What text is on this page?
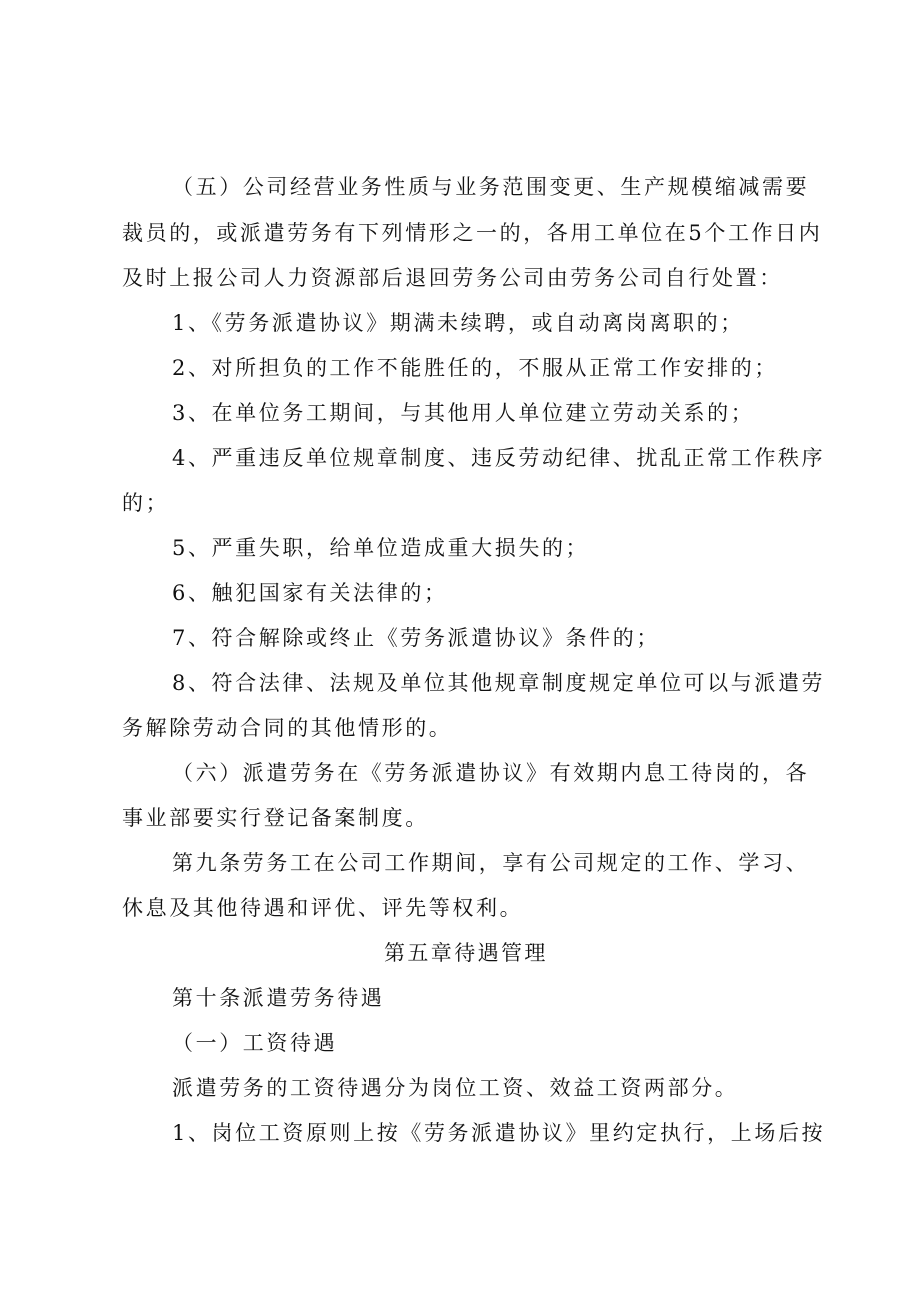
（五）公司经营业务性质与业务范围变更、生产规模缩减需要
裁员的，或派遣劳务有下列情形之一的，各用工单位在5个工作日内
及时上报公司人力资源部后退回劳务公司由劳务公司自行处置：
1、《劳务派遣协议》期满未续聘，或自动离岗离职的；
2、对所担负的工作不能胜任的，不服从正常工作安排的；
3、在单位务工期间，与其他用人单位建立劳动关系的；
4、严重违反单位规章制度、违反劳动纪律、扰乱正常工作秩序
的；
5、严重失职，给单位造成重大损失的；
6、触犯国家有关法律的；
7、符合解除或终止《劳务派遣协议》条件的；
8、符合法律、法规及单位其他规章制度规定单位可以与派遣劳
务解除劳动合同的其他情形的。
（六）派遣劳务在《劳务派遣协议》有效期内息工待岗的，各
事业部要实行登记备案制度。
第九条劳务工在公司工作期间，享有公司规定的工作、学习、
休息及其他待遇和评优、评先等权利。
第五章待遇管理
第十条派遣劳务待遇
（一）工资待遇
派遣劳务的工资待遇分为岗位工资、效益工资两部分。
1、岗位工资原则上按《劳务派遣协议》里约定执行，上场后按
